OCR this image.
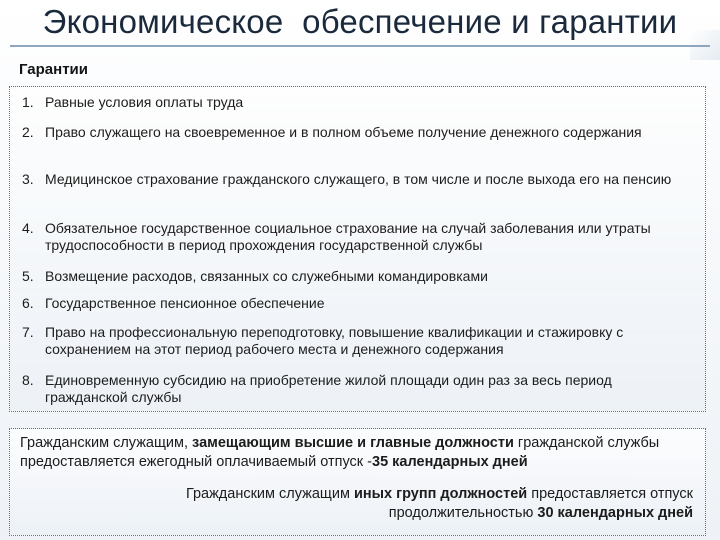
Экономическое  обеспечение и гарантии
Гарантии
1. Равные условия оплаты труда
2. Право служащего на своевременное и в полном объеме получение денежного содержания
3. Медицинское страхование гражданского служащего, в том числе и после выхода его на пенсию
4. Обязательное государственное социальное страхование на случай заболевания или утраты трудоспособности в период прохождения государственной службы
5. Возмещение расходов, связанных со служебными командировками
6. Государственное пенсионное обеспечение
7. Право на профессиональную переподготовку, повышение квалификации и стажировку с сохранением на этот период рабочего места и денежного содержания
8. Единовременную субсидию на приобретение жилой площади один раз за весь период гражданской службы
Гражданским служащим, замещающим высшие и главные должности гражданской службы предоставляется ежегодный оплачиваемый отпуск -35 календарных дней
Гражданским служащим иных групп должностей предоставляется отпуск продолжительностью 30 календарных дней
